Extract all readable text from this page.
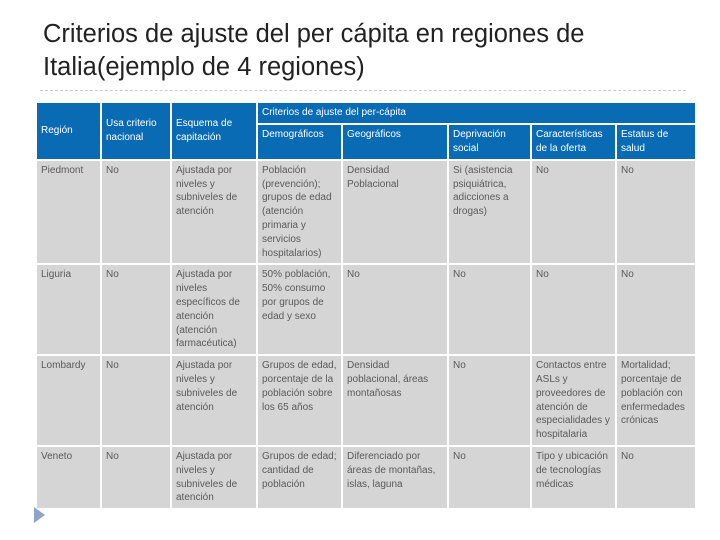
Criterios de ajuste del per cápita en regiones de Italia(ejemplo de 4 regiones)
Región	Usa criterio nacional	Esquema de capitación	Criterios de ajuste del per-cápita				
			Demográficos	Geográficos	Deprivación social	Características de la oferta	Estatus de salud
Piedmont	No	Ajustada por niveles y subniveles de atención	Población (prevención); grupos de edad (atención primaria y servicios hospitalarios)	Densidad Poblacional	Si (asistencia psiquiátrica, adicciones a drogas)	No	No
Liguria	No	Ajustada por niveles específicos de atención (atención farmacéutica)	50% población, 50% consumo por grupos de edad y sexo	No	No	No	No
Lombardy	No	Ajustada por niveles y subniveles de atención	Grupos de edad, porcentaje de la población sobre los 65 años	Densidad poblacional, áreas montañosas	No	Contactos entre ASLs y proveedores de atención de especialidades y hospitalaria	Mortalidad; porcentaje de población con enfermedades crónicas
Veneto	No	Ajustada por niveles y subniveles de atención	Grupos de edad; cantidad de población	Diferenciado por áreas de montañas, islas, laguna	No	Tipo y ubicación de tecnologías médicas	No
